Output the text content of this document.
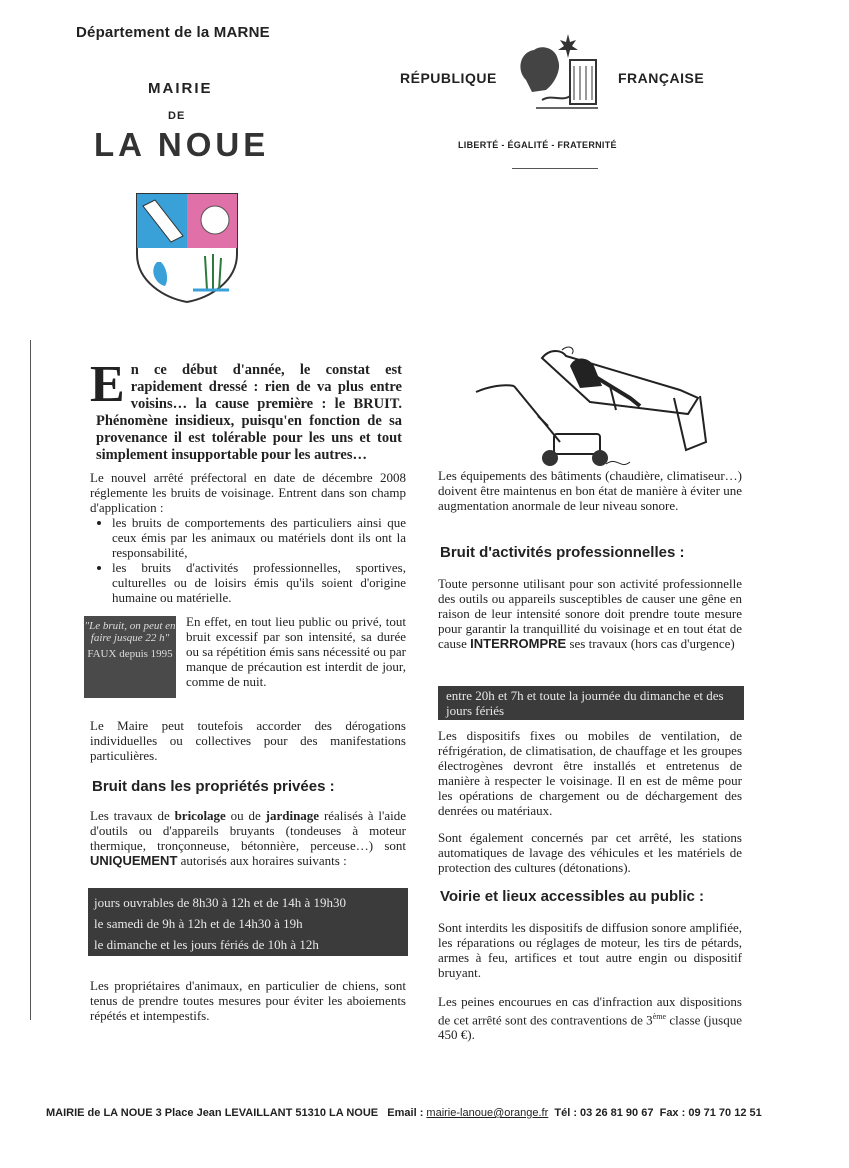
Département de la MARNE
MAIRIE
DE
LA NOUE
RÉPUBLIQUE	FRANÇAISE
LIBERTÉ - ÉGALITÉ - FRATERNITÉ
En ce début d'année, le constat est rapidement dressé : rien de va plus entre voisins… la cause première : le BRUIT. Phénomène insidieux, puisqu'en fonction de sa provenance il est tolérable pour les uns et tout simplement insupportable pour les autres…
Le nouvel arrêté préfectoral en date de décembre 2008 réglemente les bruits de voisinage. Entrent dans son champ d'application :
• les bruits de comportements des particuliers ainsi que ceux émis par les animaux ou matériels dont ils ont la responsabilité,
• les bruits d'activités professionnelles, sportives, culturelles ou de loisirs émis qu'ils soient d'origine humaine ou matérielle.
"Le bruit, on peut en faire jusque 22 h"
FAUX depuis 1995
En effet, en tout lieu public ou privé, tout bruit excessif par son intensité, sa durée ou sa répétition émis sans nécessité ou par manque de précaution est interdit de jour, comme de nuit.
Le Maire peut toutefois accorder des dérogations individuelles ou collectives pour des manifestations particulières.
Bruit dans les propriétés privées :
Les travaux de bricolage ou de jardinage réalisés à l'aide d'outils ou d'appareils bruyants (tondeuses à moteur thermique, tronçonneuse, bétonnière, perceuse…) sont UNIQUEMENT autorisés aux horaires suivants :
jours ouvrables de 8h30 à 12h et de 14h à 19h30
le samedi de 9h à 12h et de 14h30 à 19h
le dimanche et les jours fériés de 10h à 12h
Les propriétaires d'animaux, en particulier de chiens, sont tenus de prendre toutes mesures pour éviter les aboiements répétés et intempestifs.
Les équipements des bâtiments (chaudière, climatiseur…) doivent être maintenus en bon état de manière à éviter une augmentation anormale de leur niveau sonore.
Bruit d'activités professionnelles :
Toute personne utilisant pour son activité professionnelle des outils ou appareils susceptibles de causer une gêne en raison de leur intensité sonore doit prendre toute mesure pour garantir la tranquillité du voisinage et en tout état de cause INTERROMPRE ses travaux (hors cas d'urgence)
entre 20h et 7h et toute la journée du dimanche et des jours fériés
Les dispositifs fixes ou mobiles de ventilation, de réfrigération, de climatisation, de chauffage et les groupes électrogènes devront être installés et entretenus de manière à respecter le voisinage. Il en est de même pour les opérations de chargement ou de déchargement des denrées ou matériaux.
Sont également concernés par cet arrêté, les stations automatiques de lavage des véhicules et les matériels de protection des cultures (détonations).
Voirie et lieux accessibles au public :
Sont interdits les dispositifs de diffusion sonore amplifiée, les réparations ou réglages de moteur, les tirs de pétards, armes à feu, artifices et tout autre engin ou dispositif bruyant.
Les peines encourues en cas d'infraction aux dispositions de cet arrêté sont des contraventions de 3ème classe (jusque 450 €).
MAIRIE de LA NOUE 3 Place Jean LEVAILLANT 51310 LA NOUE Email : mairie-lanoue@orange.fr Tél : 03 26 81 90 67 Fax : 09 71 70 12 51
